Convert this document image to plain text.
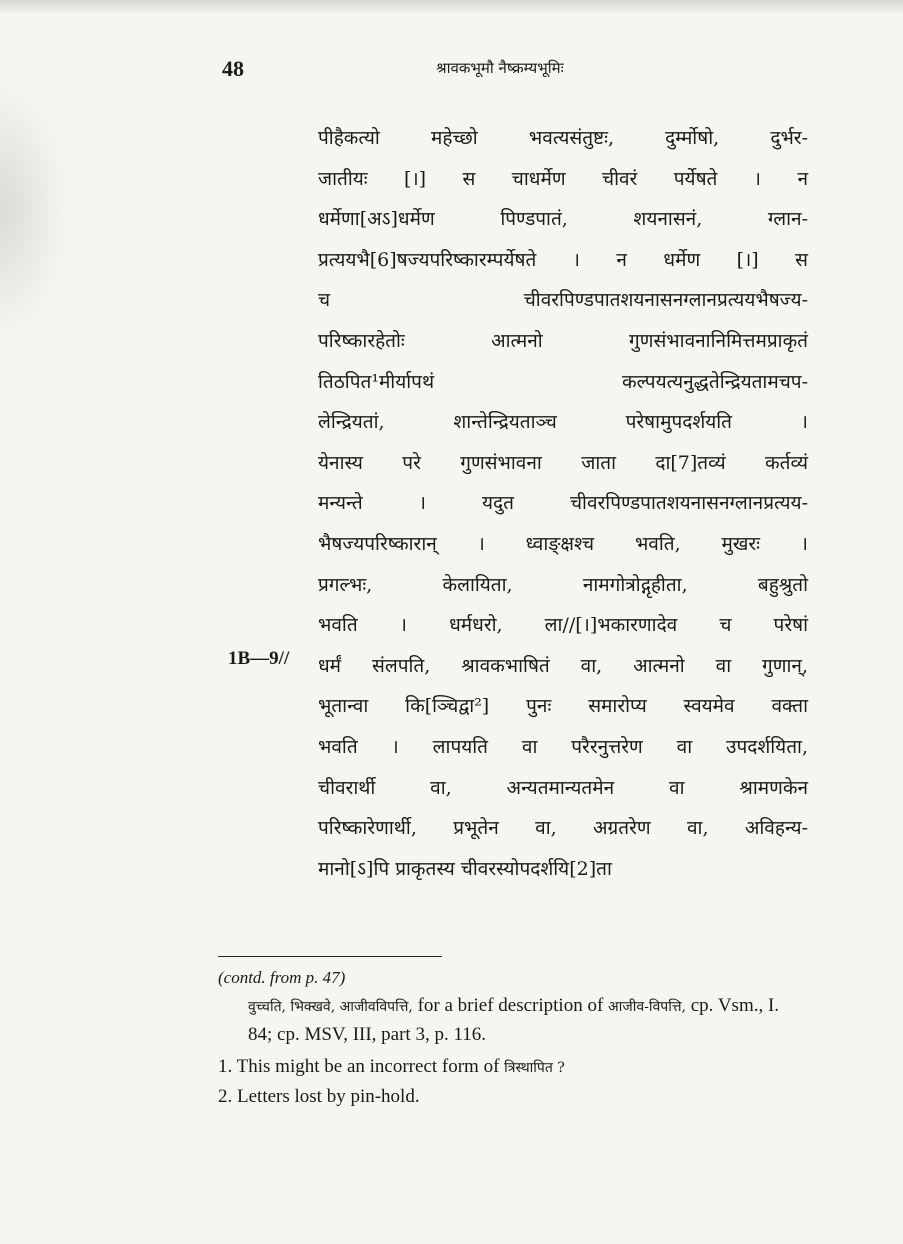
48	श्रावकभूमौ नैष्क्रम्यभूमिः
पीहैकत्यो महेच्छो भवत्यसंतुष्टः, दुर्म्मोषो, दुर्भर-
जातीयः [।] स चाधर्मेण चीवरं पर्येषते । न
धर्मेणा[अऽ]धर्मेण पिण्डपातं, शयनासनं, ग्लान-
प्रत्ययभै[6]षज्यपरिष्कारम्पर्येषते । न धर्मेण [।] स
च चीवरपिण्डपातशयनासनग्लानप्रत्ययभैषज्य-
परिष्कारहेतोः आत्मनो गुणसंभावनानिमित्तमप्राकृतं
तिठपित¹मीर्यापथं कल्पयत्यनुद्धतेन्द्रियतामचप-
लेन्द्रियतां, शान्तेन्द्रियताञ्च परेषामुपदर्शयति ।
येनास्य परे गुणसंभावना जाता दा[7]तव्यं कर्तव्यं
मन्यन्ते । यदुत चीवरपिण्डपातशयनासनग्लानप्रत्यय-
भैषज्यपरिष्कारान् । ध्वाङ्क्षश्च भवति, मुखरः ।
प्रगल्भः, केलायिता, नामगोत्रोद्गृहीता, बहुश्रुतो
भवति । धर्मधरो, ला//[।]भकारणादेव च परेषां
धर्मं संलपति, श्रावकभाषितं वा, आत्मनो वा गुणान्,
भूतान्वा कि[ञ्चिद्वा²] पुनः समारोप्य स्वयमेव वक्ता
भवति । लापयति वा परैरनुत्तरेण वा उपदर्शयिता,
चीवरार्थी वा, अन्यतमान्यतमेन वा श्रामणकेन
परिष्कारेणार्थी, प्रभूतेन वा, अग्रतरेण वा, अविहन्य-
मानो[ऽ]पि प्राकृतस्य चीवरस्योपदर्शयि[2]ता
1B—9//
(contd. from p. 47)
वुच्चति, भिक्खवे, आजीवविपत्ति, for a brief description of आजीव-विपत्ति, cp. Vsm., I. 84; cp. MSV, III, part 3, p. 116.
1. This might be an incorrect form of त्रिस्थापित ?
2. Letters lost by pin-hold.
